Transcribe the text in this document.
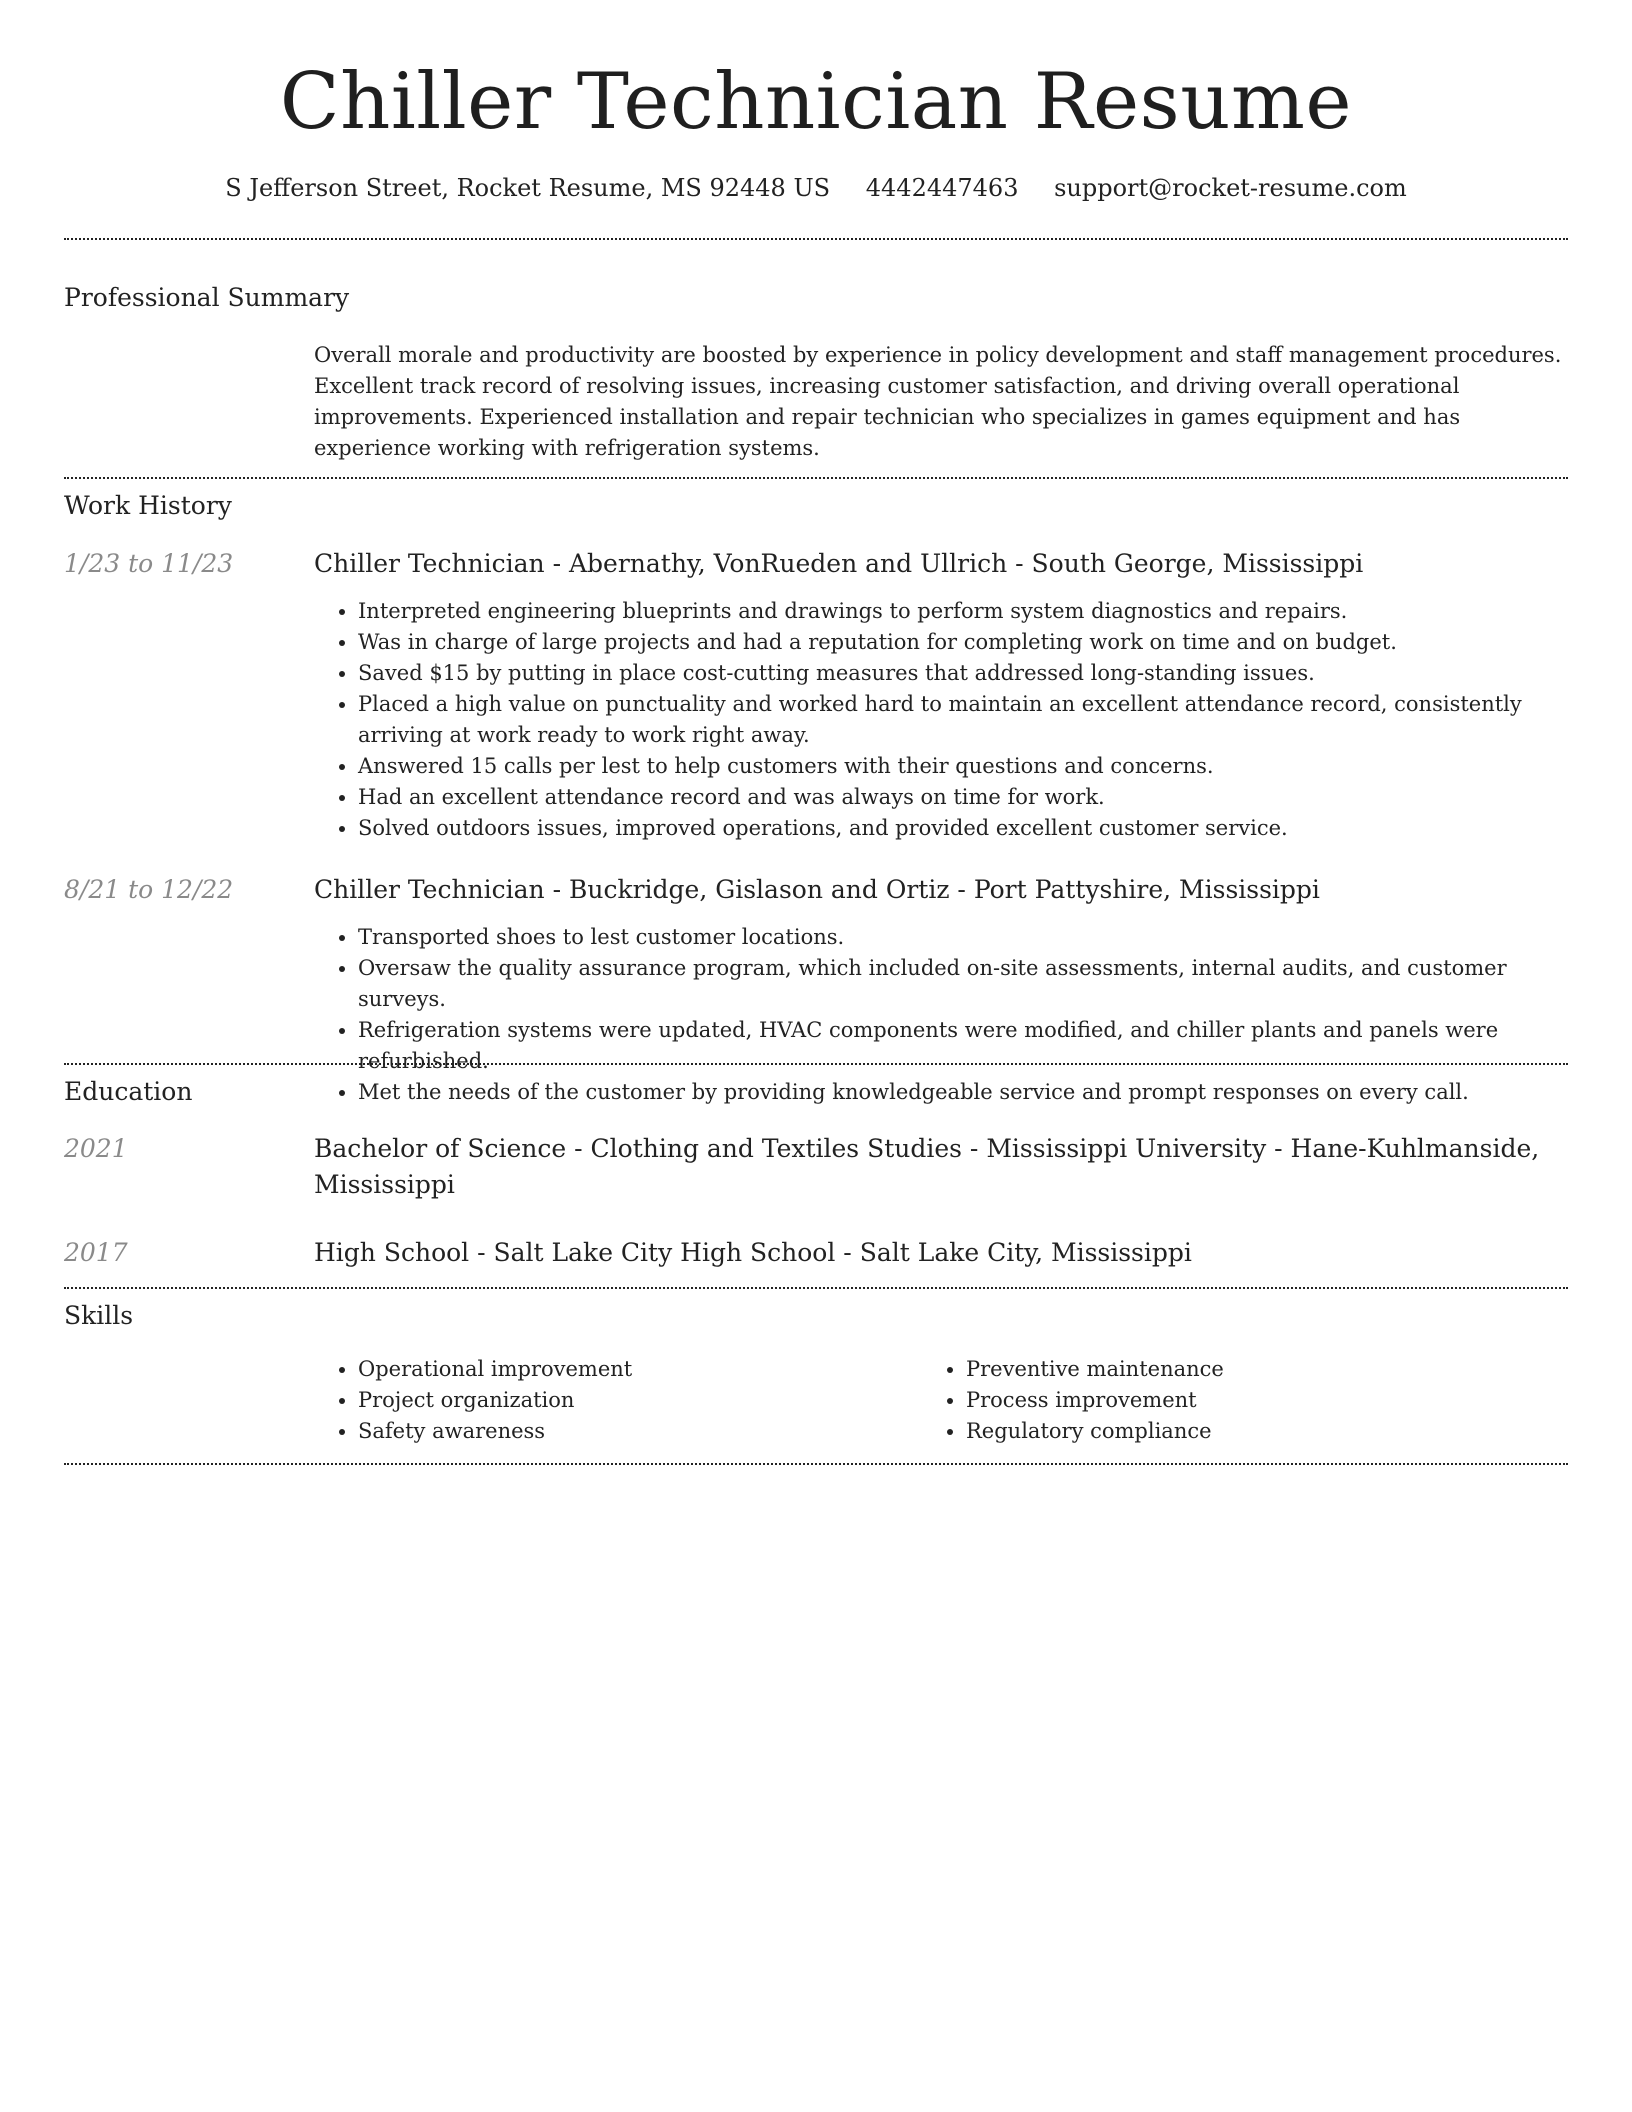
Chiller Technician Resume
S Jefferson Street, Rocket Resume, MS 92448 US 4442447463 support@rocket-resume.com
Professional Summary
Overall morale and productivity are boosted by experience in policy development and staff management procedures. Excellent track record of resolving issues, increasing customer satisfaction, and driving overall operational improvements. Experienced installation and repair technician who specializes in games equipment and has experience working with refrigeration systems.
Work History
1/23 to 11/23	Chiller Technician - Abernathy, VonRueden and Ullrich - South George, Mississippi
• Interpreted engineering blueprints and drawings to perform system diagnostics and repairs.
• Was in charge of large projects and had a reputation for completing work on time and on budget.
• Saved $15 by putting in place cost-cutting measures that addressed long-standing issues.
• Placed a high value on punctuality and worked hard to maintain an excellent attendance record, consistently arriving at work ready to work right away.
• Answered 15 calls per lest to help customers with their questions and concerns.
• Had an excellent attendance record and was always on time for work.
• Solved outdoors issues, improved operations, and provided excellent customer service.
8/21 to 12/22	Chiller Technician - Buckridge, Gislason and Ortiz - Port Pattyshire, Mississippi
• Transported shoes to lest customer locations.
• Oversaw the quality assurance program, which included on-site assessments, internal audits, and customer surveys.
• Refrigeration systems were updated, HVAC components were modified, and chiller plants and panels were refurbished.
• Met the needs of the customer by providing knowledgeable service and prompt responses on every call.
Education
2021	Bachelor of Science - Clothing and Textiles Studies - Mississippi University - Hane-Kuhlmanside, Mississippi
2017	High School - Salt Lake City High School - Salt Lake City, Mississippi
Skills
• Operational improvement
• Project organization
• Safety awareness
• Preventive maintenance
• Process improvement
• Regulatory compliance
